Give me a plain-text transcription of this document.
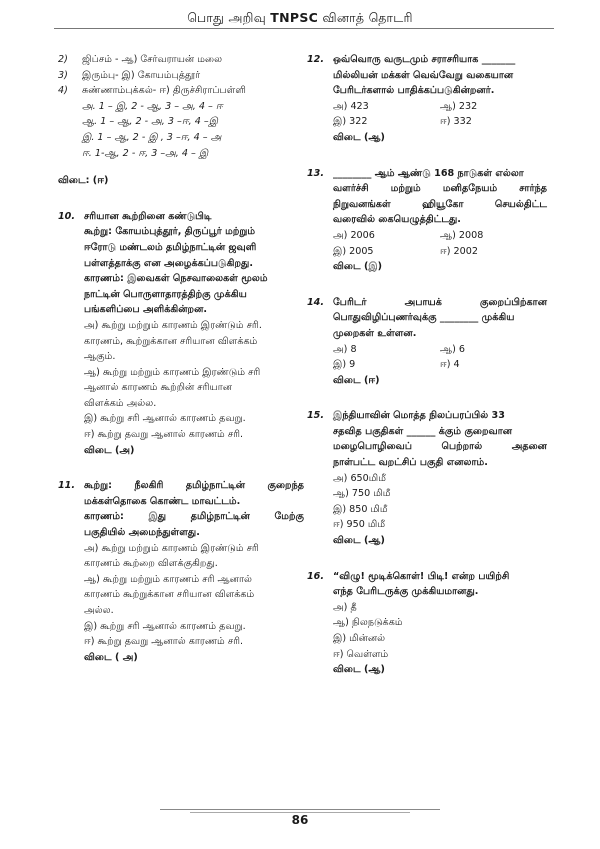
பொது அறிவு TNPSC வினாத் தொடரி
2)	ஜிப்சம் - ஆ) சேர்வராயன் மலை
3)	இரும்பு- இ) கோயம்புத்தூர்
4)	சுண்ணாம்புக்கல்- ஈ) திருச்சிராப்பள்ளி
அ. 1 – இ, 2 - ஆ, 3 – அ, 4 – ஈ
ஆ. 1 – ஆ, 2 - அ, 3 –ஈ, 4 –இ
இ. 1 – ஆ, 2 - இ , 3 –ஈ, 4 – அ
ஈ. 1-ஆ, 2 - ஈ, 3 –அ, 4 – இ
விடை: (ஈ)
10. சரியான கூற்றினை கண்டுபிடி
கூற்று: கோயம்புத்தூர், திருப்பூர் மற்றும்
ஈரோடு மண்டலம் தமிழ்நாட்டின் ஜவுளி
பள்ளத்தாக்கு என அழைக்கப்படுகிறது.
காரணம்: இவைகள் நெசவாலைகள் மூலம்
நாட்டின் பொருளாதாரத்திற்கு முக்கிய
பங்களிப்பை அளிக்கின்றன.
அ) கூற்று மற்றும் காரணம் இரண்டும் சரி.
காரணம், கூற்றுக்கான சரியான விளக்கம்
ஆகும்.
ஆ) கூற்று மற்றும் காரணம் இரண்டும் சரி
ஆனால் காரணம் கூற்றின் சரியான
விளக்கம் அல்ல.
இ) கூற்று சரி ஆனால் காரணம் தவறு.
ஈ) கூற்று தவறு ஆனால் காரணம் சரி.
விடை (அ)
11. கூற்று: நீலகிரி தமிழ்நாட்டின் குறைந்த
மக்கள்தொகை கொண்ட மாவட்டம்.
காரணம்: இது தமிழ்நாட்டின் மேற்கு
பகுதியில் அமைந்துள்ளது.
அ) கூற்று மற்றும் காரணம் இரண்டும் சரி
காரணம் கூற்றை விளக்குகிறது.
ஆ) கூற்று மற்றும் காரணம் சரி ஆனால்
காரணம் கூற்றுக்கான சரியான விளக்கம்
அல்ல.
இ) கூற்று சரி ஆனால் காரணம் தவறு.
ஈ) கூற்று தவறு ஆனால் காரணம் சரி.
விடை ( அ)
12. ஒவ்வொரு வருடமும் சராசரியாக _______
மில்லியன் மக்கள் வெவ்வேறு வகையான
பேரிடர்களால் பாதிக்கப்படுகின்றனர்.
அ) 423	ஆ) 232
இ) 322	ஈ) 332
விடை (ஆ)
13. ________ ஆம் ஆண்டு 168 நாடுகள் எல்லா
வளர்ச்சி மற்றும் மனிதநேயம் சார்ந்த
நிறுவனங்கள் ஹியூகோ செயல்திட்ட
வரைவில் கையெழுத்திட்டது.
அ) 2006	ஆ) 2008
இ) 2005	ஈ) 2002
விடை (இ)
14. பேரிடர் அபாயக் குறைப்பிற்கான
பொதுவிழிப்புணர்வுக்கு ________ முக்கிய
முறைகள் உள்ளன.
அ) 8	ஆ) 6
இ) 9	ஈ) 4
விடை (ஈ)
15. இந்தியாவின் மொத்த நிலப்பரப்பில் 33
சதவித பகுதிகள் ______ க்கும் குறைவான
மழைபொழிவைப் பெற்றால் அதனை
நாள்பட்ட வறட்சிப் பகுதி எனலாம்.
அ) 650மிமீ
ஆ) 750 மிமீ
இ) 850 மிமீ
ஈ) 950 மிமீ
விடை (ஆ)
16. “விழு! மூடிக்கொள்! பிடி! என்ற பயிற்சி
எந்த பேரிடருக்கு முக்கியமானது.
அ) தீ
ஆ) நிலநடுக்கம்
இ) மின்னல்
ஈ) வெள்ளம்
விடை (ஆ)
86
